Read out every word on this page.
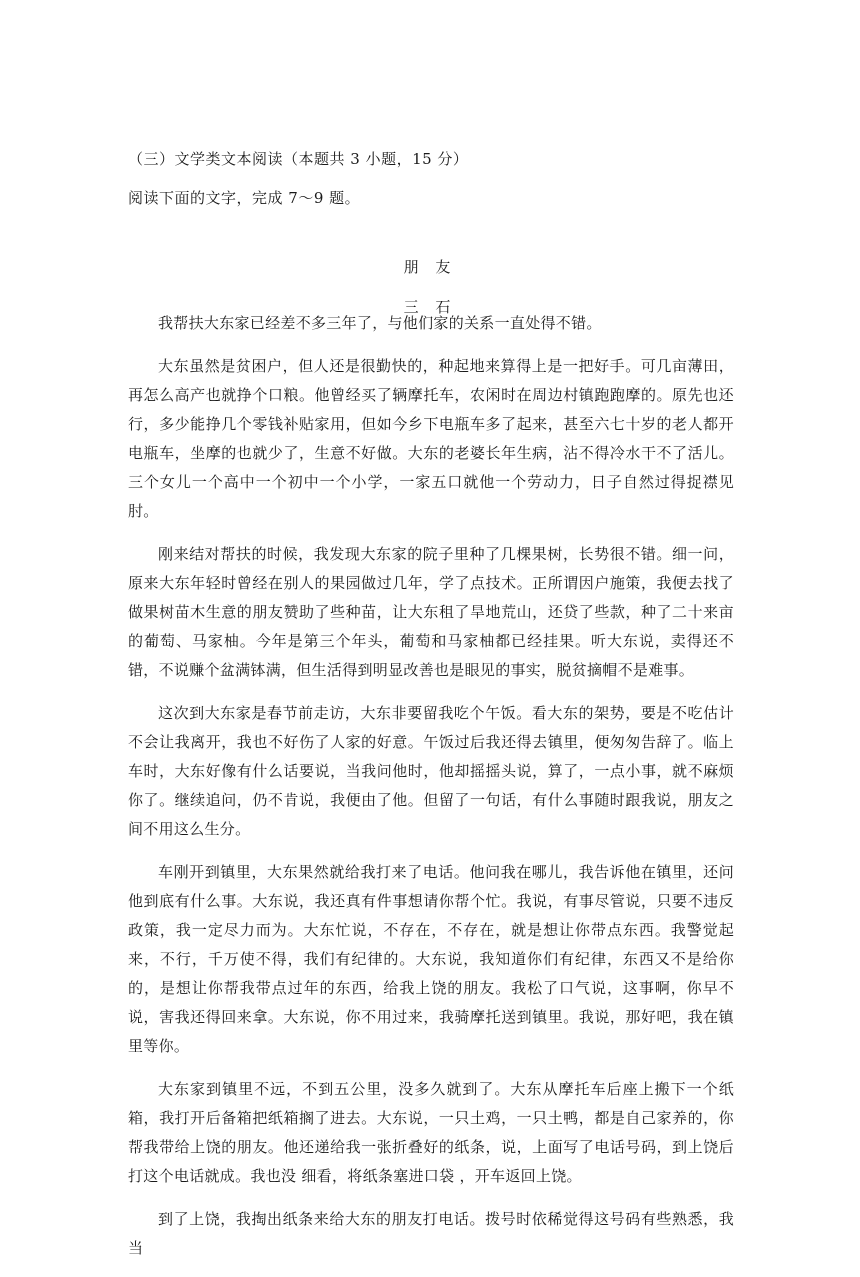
（三）文学类文本阅读（本题共 3 小题，15 分）
阅读下面的文字，完成 7～9 题。
朋 友
三 石

我帮扶大东家已经差不多三年了，与他们家的关系一直处得不错。

大东虽然是贫困户，但人还是很勤快的，种起地来算得上是一把好手。可几亩薄田，再怎么高产也就挣个口粮。他曾经买了辆摩托车，农闲时在周边村镇跑跑摩的。原先也还行，多少能挣几个零钱补贴家用，但如今乡下电瓶车多了起来，甚至六七十岁的老人都开电瓶车，坐摩的也就少了，生意不好做。大东的老婆长年生病，沾不得冷水干不了活儿。三个女儿一个高中一个初中一个小学，一家五口就他一个劳动力，日子自然过得捉襟见肘。

刚来结对帮扶的时候，我发现大东家的院子里种了几棵果树，长势很不错。细一问，原来大东年轻时曾经在别人的果园做过几年，学了点技术。正所谓因户施策，我便去找了做果树苗木生意的朋友赞助了些种苗，让大东租了旱地荒山，还贷了些款，种了二十来亩的葡萄、马家柚。今年是第三个年头，葡萄和马家柚都已经挂果。听大东说，卖得还不错，不说赚个盆满钵满，但生活得到明显改善也是眼见的事实，脱贫摘帽不是难事。

这次到大东家是春节前走访，大东非要留我吃个午饭。看大东的架势，要是不吃估计不会让我离开，我也不好伤了人家的好意。午饭过后我还得去镇里，便匆匆告辞了。临上车时，大东好像有什么话要说，当我问他时，他却摇摇头说，算了，一点小事，就不麻烦你了。继续追问，仍不肯说，我便由了他。但留了一句话，有什么事随时跟我说，朋友之间不用这么生分。

车刚开到镇里，大东果然就给我打来了电话。他问我在哪儿，我告诉他在镇里，还问他到底有什么事。大东说，我还真有件事想请你帮个忙。我说，有事尽管说，只要不违反政策，我一定尽力而为。大东忙说，不存在，不存在，就是想让你带点东西。我警觉起来，不行，千万使不得，我们有纪律的。大东说，我知道你们有纪律，东西又不是给你的，是想让你帮我带点过年的东西，给我上饶的朋友。我松了口气说，这事啊，你早不说，害我还得回来拿。大东说，你不用过来，我骑摩托送到镇里。我说，那好吧，我在镇里等你。

大东家到镇里不远，不到五公里，没多久就到了。大东从摩托车后座上搬下一个纸箱，我打开后备箱把纸箱搁了进去。大东说，一只土鸡，一只土鸭，都是自己家养的，你帮我带给上饶的朋友。他还递给我一张折叠好的纸条，说，上面写了电话号码，到上饶后打这个电话就成。我也没 细看，将纸条塞进口袋 ，开车返回上饶。

到了上饶，我掏出纸条来给大东的朋友打电话。拨号时依稀觉得这号码有些熟悉，我当
